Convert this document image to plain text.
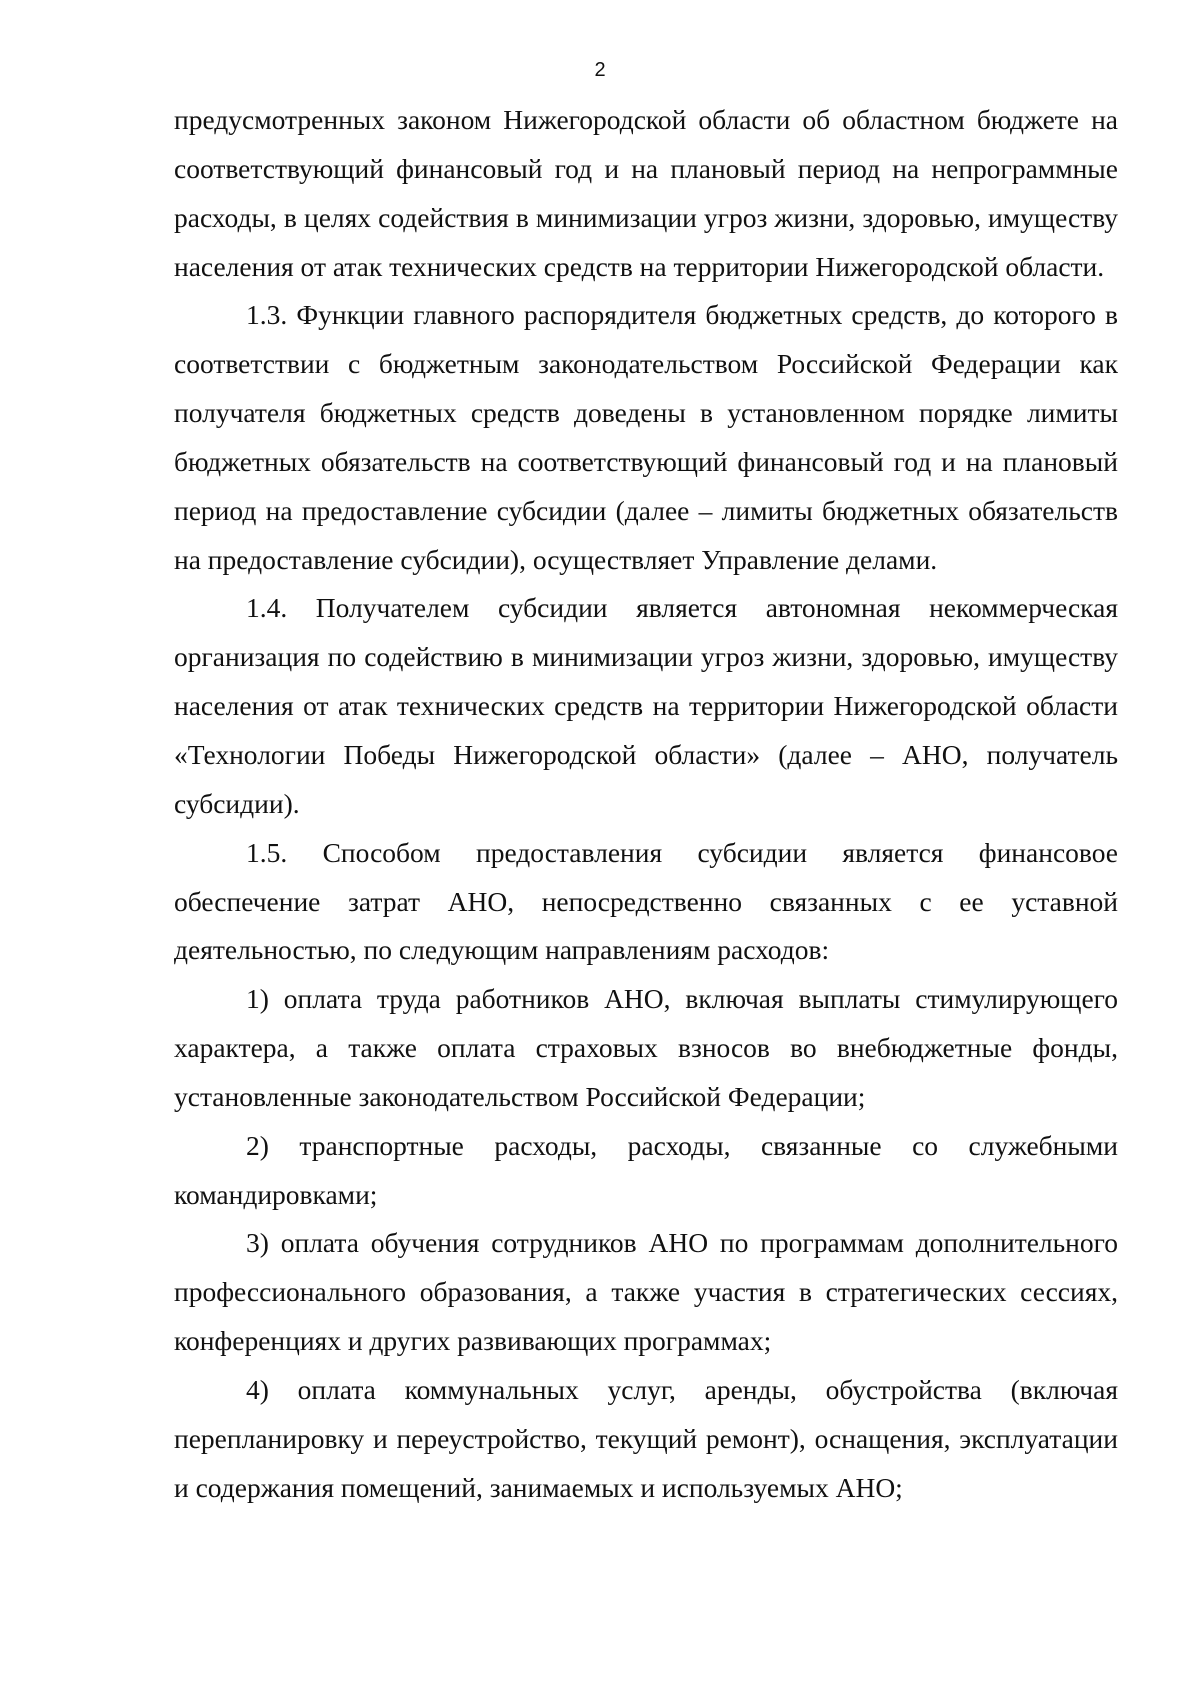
2

предусмотренных законом Нижегородской области об областном бюджете на соответствующий финансовый год и на плановый период на непрограммные расходы, в целях содействия в минимизации угроз жизни, здоровью, имуществу населения от атак технических средств на территории Нижегородской области.

1.3. Функции главного распорядителя бюджетных средств, до которого в соответствии с бюджетным законодательством Российской Федерации как получателя бюджетных средств доведены в установленном порядке лимиты бюджетных обязательств на соответствующий финансовый год и на плановый период на предоставление субсидии (далее – лимиты бюджетных обязательств на предоставление субсидии), осуществляет Управление делами.

1.4. Получателем субсидии является автономная некоммерческая организация по содействию в минимизации угроз жизни, здоровью, имуществу населения от атак технических средств на территории Нижегородской области «Технологии Победы Нижегородской области» (далее – АНО, получатель субсидии).

1.5. Способом предоставления субсидии является финансовое обеспечение затрат АНО, непосредственно связанных с ее уставной деятельностью, по следующим направлениям расходов:

1) оплата труда работников АНО, включая выплаты стимулирующего характера, а также оплата страховых взносов во внебюджетные фонды, установленные законодательством Российской Федерации;

2) транспортные расходы, расходы, связанные со служебными командировками;

3) оплата обучения сотрудников АНО по программам дополнительного профессионального образования, а также участия в стратегических сессиях, конференциях и других развивающих программах;

4) оплата коммунальных услуг, аренды, обустройства (включая перепланировку и переустройство, текущий ремонт), оснащения, эксплуатации и содержания помещений, занимаемых и используемых АНО;
